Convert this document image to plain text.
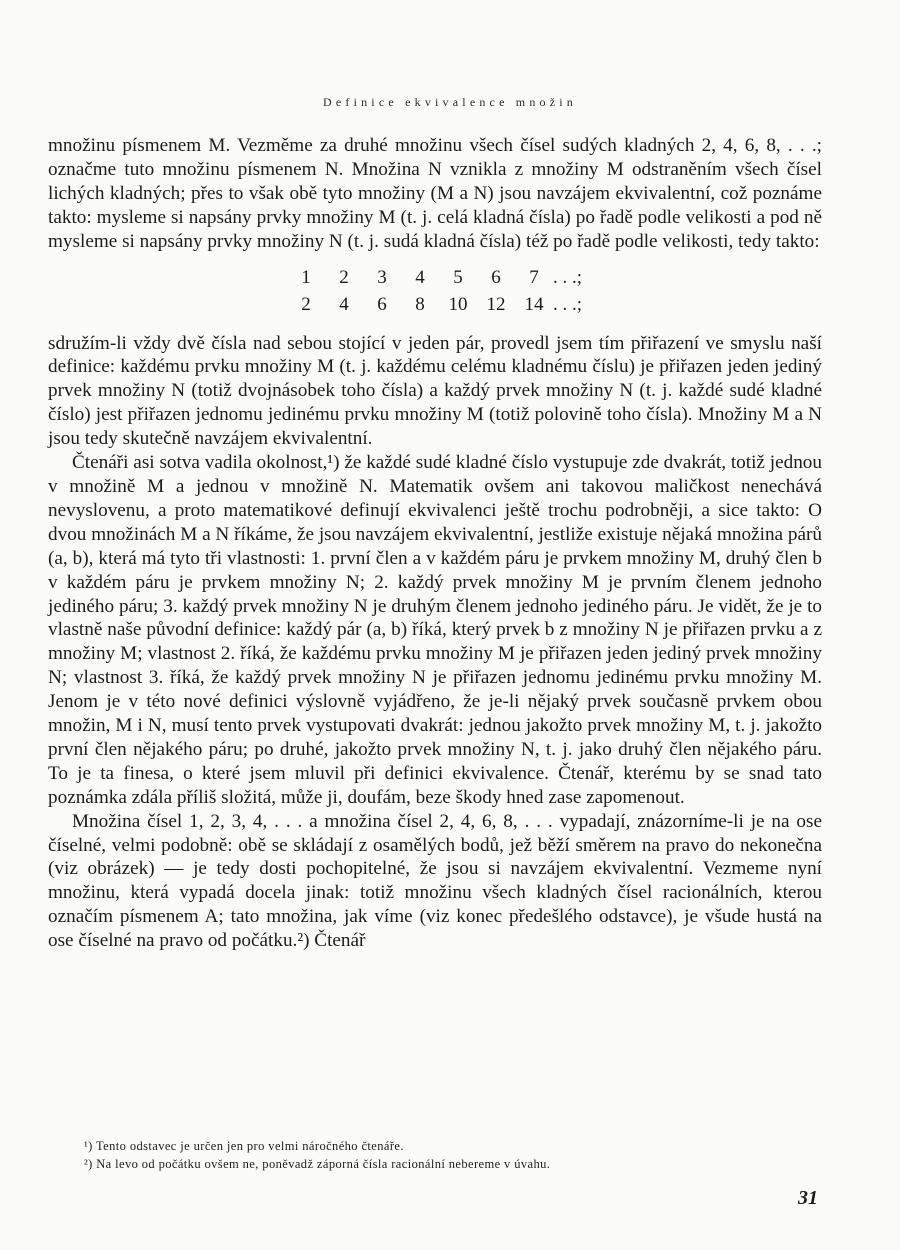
Definice ekvivalence množin

množinu písmenem M. Vezměme za druhé množinu všech čísel sudých kladných 2, 4, 6, 8, . . .; označme tuto množinu písmenem N. Množina N vznikla z množiny M odstraněním všech čísel lichých kladných; přes to však obě tyto množiny (M a N) jsou navzájem ekvivalentní, což poznáme takto: mysleme si napsány prvky množiny M (t. j. celá kladná čísla) po řadě podle velikosti a pod ně mysleme si napsány prvky množiny N (t. j. sudá kladná čísla) též po řadě podle velikosti, tedy takto:

1	2	3	4	5	6	7 . . .;
2	4	6	8	10	12	14 . . .;

sdružím-li vždy dvě čísla nad sebou stojící v jeden pár, provedl jsem tím přiřazení ve smyslu naší definice: každému prvku množiny M (t. j. každému celému kladnému číslu) je přiřazen jeden jediný prvek množiny N (totiž dvojnásobek toho čísla) a každý prvek množiny N (t. j. každé sudé kladné číslo) jest přiřazen jednomu jedinému prvku množiny M (totiž polovině toho čísla). Množiny M a N jsou tedy skutečně navzájem ekvivalentní.

Čtenáři asi sotva vadila okolnost,¹) že každé sudé kladné číslo vystupuje zde dvakrát, totiž jednou v množině M a jednou v množině N. Matematik ovšem ani takovou maličkost nenechává nevyslovenu, a proto matematikové definují ekvivalenci ještě trochu podrobněji, a sice takto: O dvou množinách M a N říkáme, že jsou navzájem ekvivalentní, jestliže existuje nějaká množina párů (a, b), která má tyto tři vlastnosti: 1. první člen a v každém páru je prvkem množiny M, druhý člen b v každém páru je prvkem množiny N; 2. každý prvek množiny M je prvním členem jednoho jediného páru; 3. každý prvek množiny N je druhým členem jednoho jediného páru. Je vidět, že je to vlastně naše původní definice: každý pár (a, b) říká, který prvek b z množiny N je přiřazen prvku a z množiny M; vlastnost 2. říká, že každému prvku množiny M je přiřazen jeden jediný prvek množiny N; vlastnost 3. říká, že každý prvek množiny N je přiřazen jednomu jedinému prvku množiny M. Jenom je v této nové definici výslovně vyjádřeno, že je-li nějaký prvek současně prvkem obou množin, M i N, musí tento prvek vystupovati dvakrát: jednou jakožto prvek množiny M, t. j. jakožto první člen nějakého páru; po druhé, jakožto prvek množiny N, t. j. jako druhý člen nějakého páru. To je ta finesa, o které jsem mluvil při definici ekvivalence. Čtenář, kterému by se snad tato poznámka zdála příliš složitá, může ji, doufám, beze škody hned zase zapomenout.

Množina čísel 1, 2, 3, 4, . . . a množina čísel 2, 4, 6, 8, . . . vypadají, znázorníme-li je na ose číselné, velmi podobně: obě se skládají z osamělých bodů, jež běží směrem na pravo do nekonečna (viz obrázek) — je tedy dosti pochopitelné, že jsou si navzájem ekvivalentní. Vezmeme nyní množinu, která vypadá docela jinak: totiž množinu všech kladných čísel racionálních, kterou označím písmenem A; tato množina, jak víme (viz konec předešlého odstavce), je všude hustá na ose číselné na pravo od počátku.²) Čtenář

¹) Tento odstavec je určen jen pro velmi náročného čtenáře.
²) Na levo od počátku ovšem ne, poněvadž záporná čísla racionální nebereme v úvahu.
31
